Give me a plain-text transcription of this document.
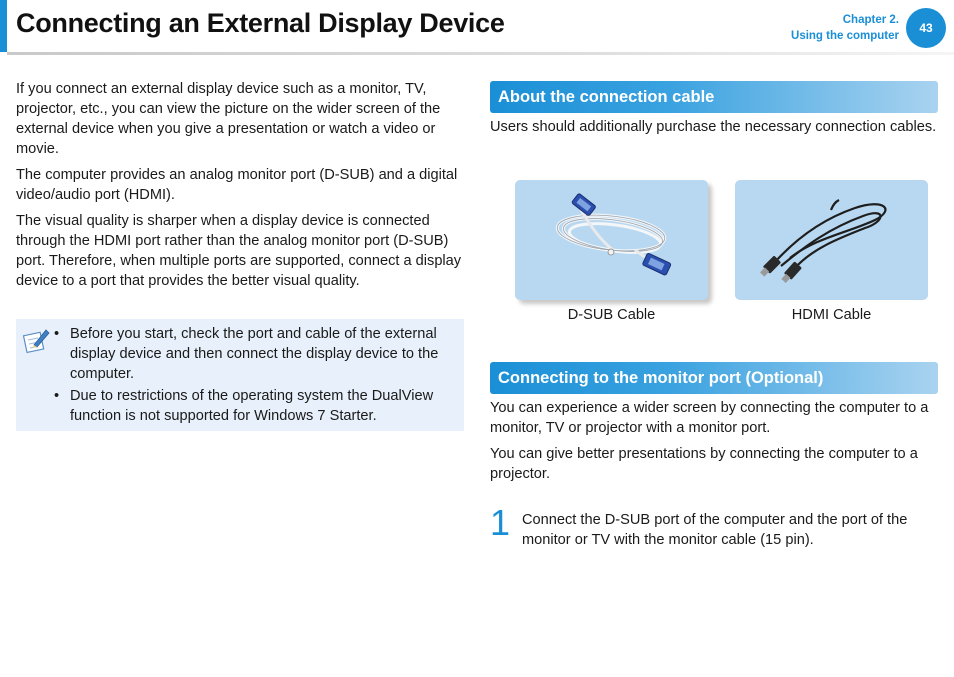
Connecting an External Display Device	Chapter 2.
Using the computer
43

If you connect an external display device such as a monitor, TV, projector, etc., you can view the picture on the wider screen of the external device when you give a presentation or watch a video or movie.

The computer provides an analog monitor port (D-SUB) and a digital video/audio port (HDMI).

The visual quality is sharper when a display device is connected through the HDMI port rather than the analog monitor port (D-SUB) port. Therefore, when multiple ports are supported, connect a display device to a port that provides the better visual quality.

• Before you start, check the port and cable of the external display device and then connect the display device to the computer.
• Due to restrictions of the operating system the DualView function is not supported for Windows 7 Starter.
About the connection cable
Users should additionally purchase the necessary connection cables.
D-SUB Cable	HDMI Cable
Connecting to the monitor port (Optional)

You can experience a wider screen by connecting the computer to a monitor, TV or projector with a monitor port.

You can give better presentations by connecting the computer to a projector.

1 Connect the D-SUB port of the computer and the port of the monitor or TV with the monitor cable (15 pin).
